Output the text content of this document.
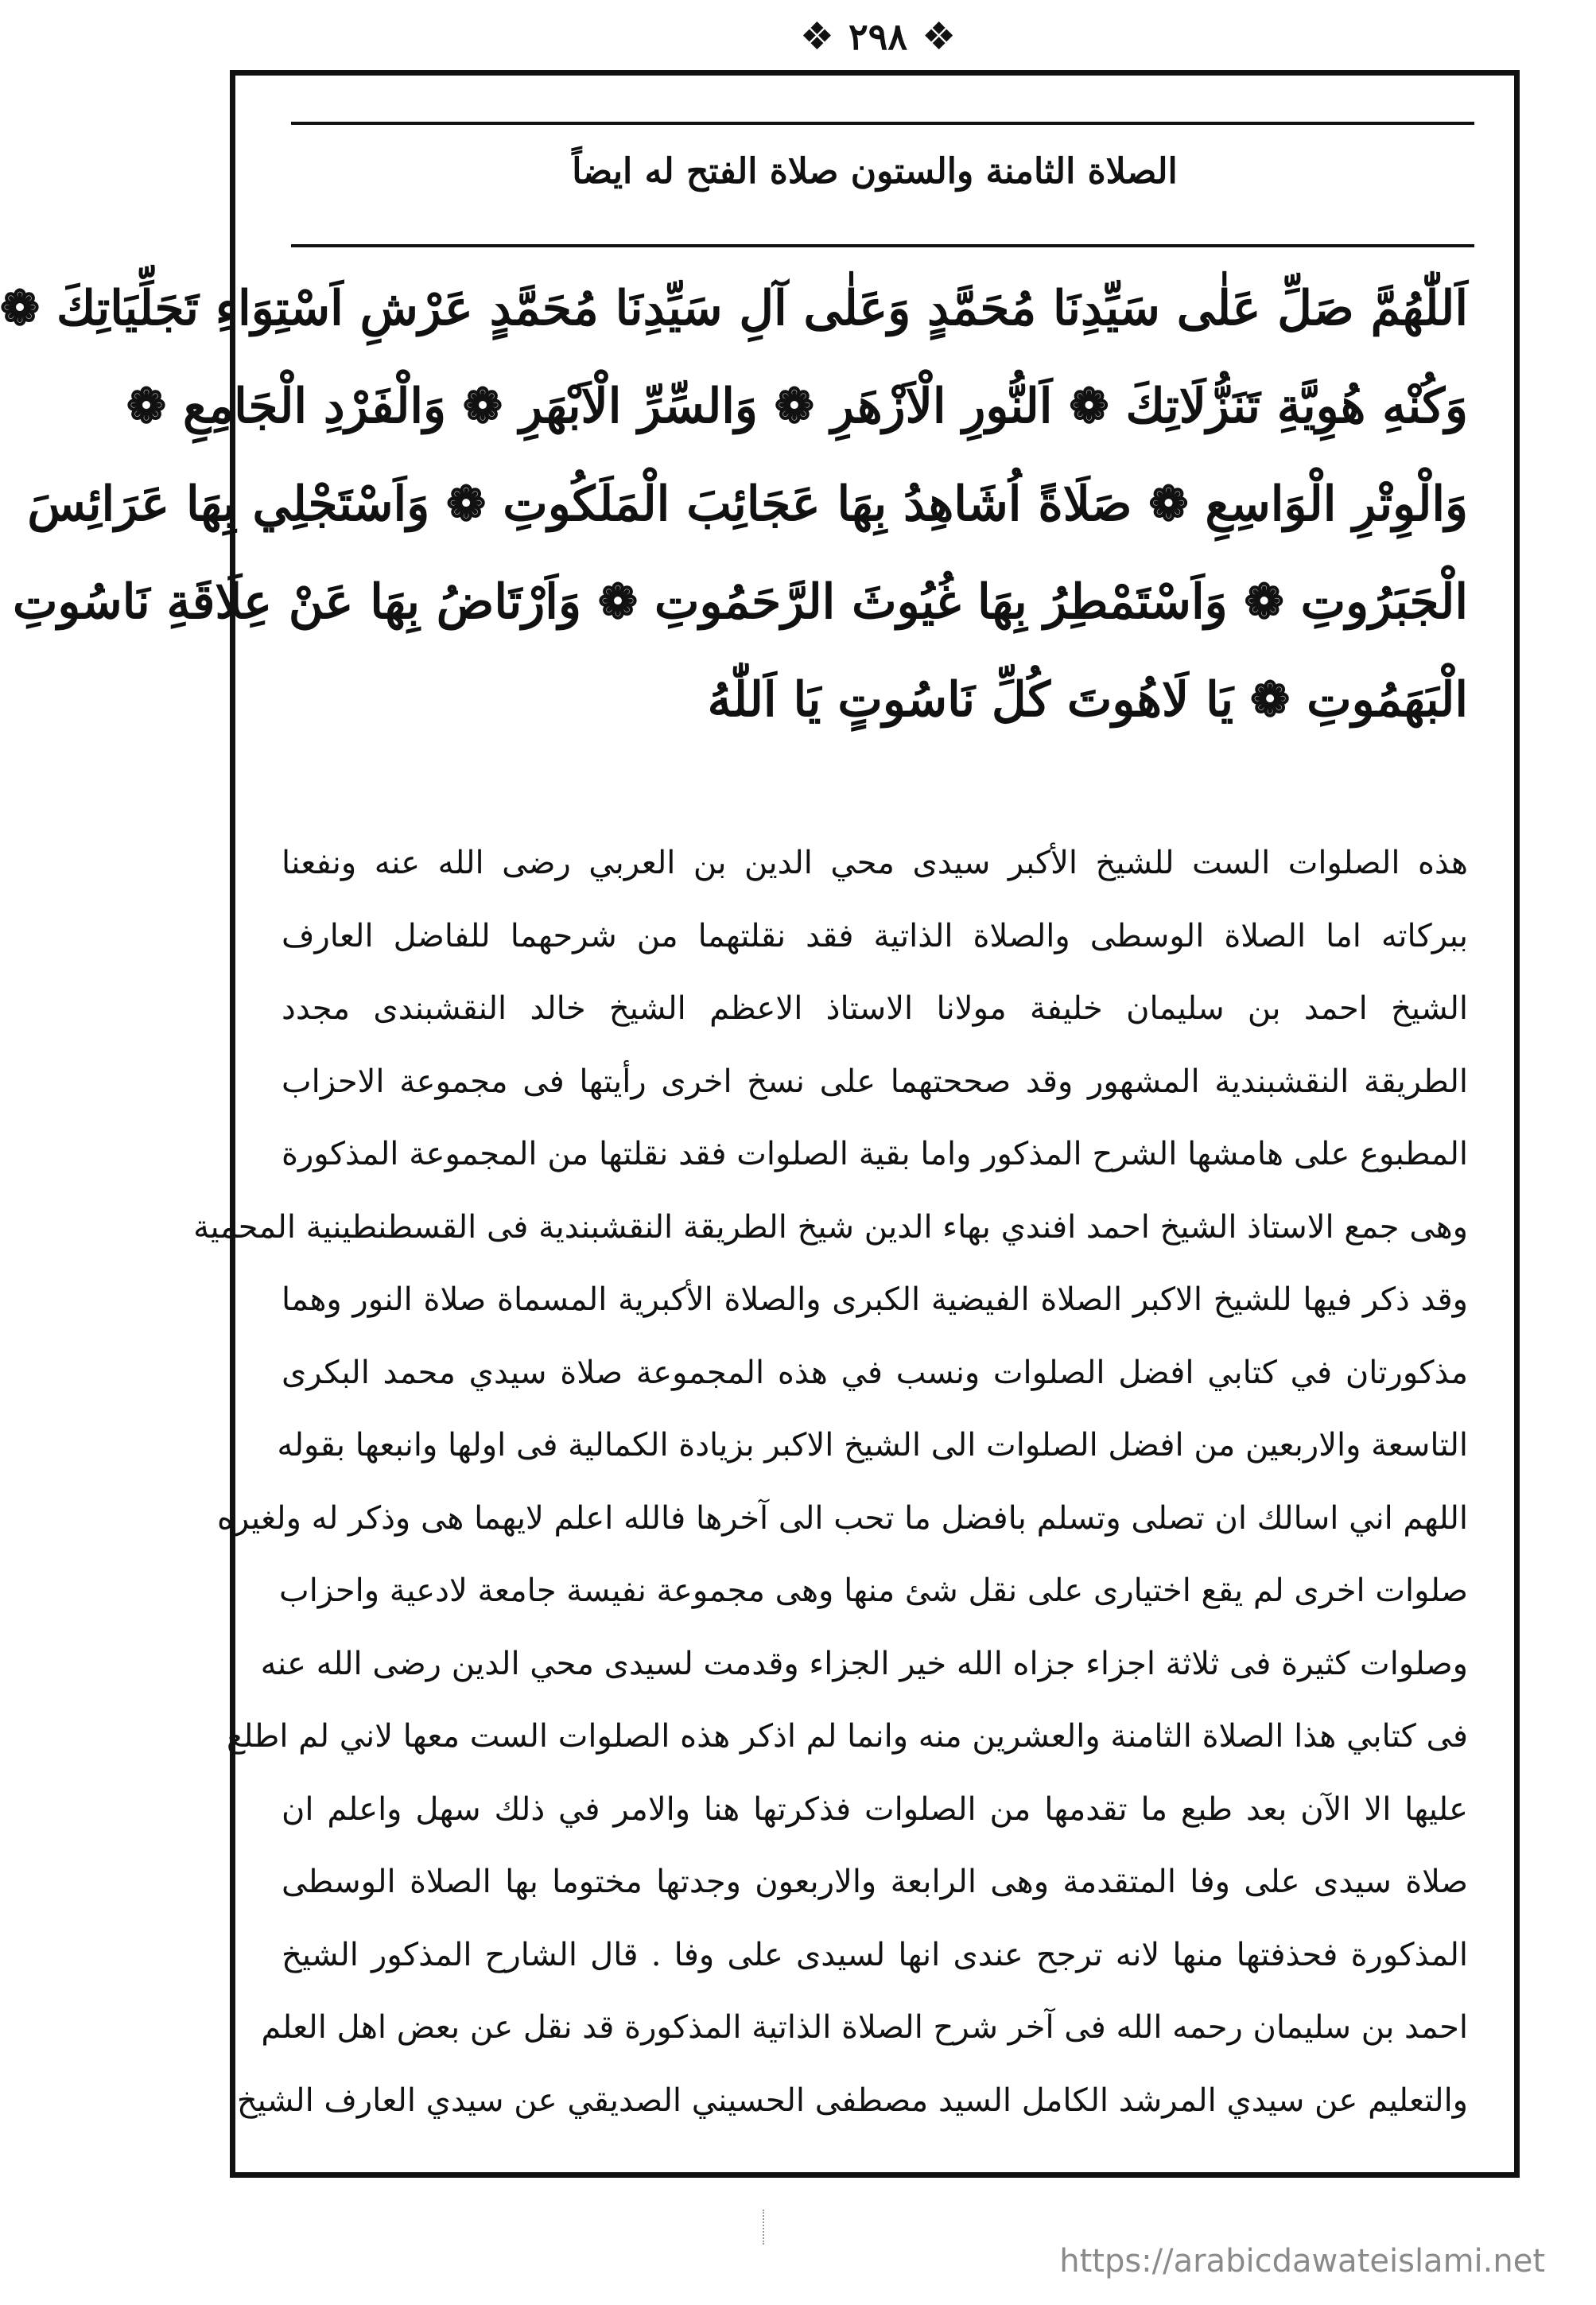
❖ ٢٩٨ ❖
الصلاة الثامنة والستون صلاة الفتح له ايضاً
اَللّٰهُمَّ صَلِّ عَلٰى سَيِّدِنَا مُحَمَّدٍ وَعَلٰى آلِ سَيِّدِنَا مُحَمَّدٍ عَرْشِ اَسْتِوَاءِ تَجَلِّيَاتِكَ ❁
وَكُنْهِ هُوِيَّةِ تَنَزُّلَاتِكَ ❁ اَلنُّورِ الْاَزْهَرِ ❁ وَالسِّرِّ الْاَبْهَرِ ❁ وَالْفَرْدِ الْجَامِعِ ❁
وَالْوِتْرِ الْوَاسِعِ ❁ صَلَاةً اُشَاهِدُ بِهَا عَجَائِبَ الْمَلَكُوتِ ❁ وَاَسْتَجْلِي بِهَا عَرَائِسَ
الْجَبَرُوتِ ❁ وَاَسْتَمْطِرُ بِهَا غُيُوثَ الرَّحَمُوتِ ❁ وَاَرْتَاضُ بِهَا عَنْ عِلَاقَةِ نَاسُوتِ
الْبَهَمُوتِ ❁ يَا لَاهُوتَ كُلِّ نَاسُوتٍ يَا اَللّٰهُ
هذه الصلوات الست للشيخ الأكبر سيدى محي الدين بن العربي رضى الله عنه ونفعنا
ببركاته اما الصلاة الوسطى والصلاة الذاتية فقد نقلتهما من شرحهما للفاضل العارف
الشيخ احمد بن سليمان خليفة مولانا الاستاذ الاعظم الشيخ خالد النقشبندى مجدد
الطريقة النقشبندية المشهور وقد صححتهما على نسخ اخرى رأيتها فى مجموعة الاحزاب
المطبوع على هامشها الشرح المذكور واما بقية الصلوات فقد نقلتها من المجموعة المذكورة
وهى جمع الاستاذ الشيخ احمد افندي بهاء الدين شيخ الطريقة النقشبندية فى القسطنطينية المحمية
وقد ذكر فيها للشيخ الاكبر الصلاة الفيضية الكبرى والصلاة الأكبرية المسماة صلاة النور وهما
مذكورتان في كتابي افضل الصلوات ونسب في هذه المجموعة صلاة سيدي محمد البكرى
التاسعة والاربعين من افضل الصلوات الى الشيخ الاكبر بزيادة الكمالية فى اولها وانبعها بقوله
اللهم اني اسالك ان تصلى وتسلم بافضل ما تحب الى آخرها فالله اعلم لايهما هى وذكر له ولغيره
صلوات اخرى لم يقع اختيارى على نقل شئ منها وهى مجموعة نفيسة جامعة لادعية واحزاب
وصلوات كثيرة فى ثلاثة اجزاء جزاه الله خير الجزاء وقدمت لسيدى محي الدين رضى الله عنه
فى كتابي هذا الصلاة الثامنة والعشرين منه وانما لم اذكر هذه الصلوات الست معها لاني لم اطلع
عليها الا الآن بعد طبع ما تقدمها من الصلوات فذكرتها هنا والامر في ذلك سهل واعلم ان
صلاة سيدى على وفا المتقدمة وهى الرابعة والاربعون وجدتها مختوما بها الصلاة الوسطى
المذكورة فحذفتها منها لانه ترجح عندى انها لسيدى على وفا . قال الشارح المذكور الشيخ
احمد بن سليمان رحمه الله فى آخر شرح الصلاة الذاتية المذكورة قد نقل عن بعض اهل العلم
والتعليم عن سيدي المرشد الكامل السيد مصطفى الحسيني الصديقي عن سيدي العارف الشيخ
https://arabicdawateislami.net
